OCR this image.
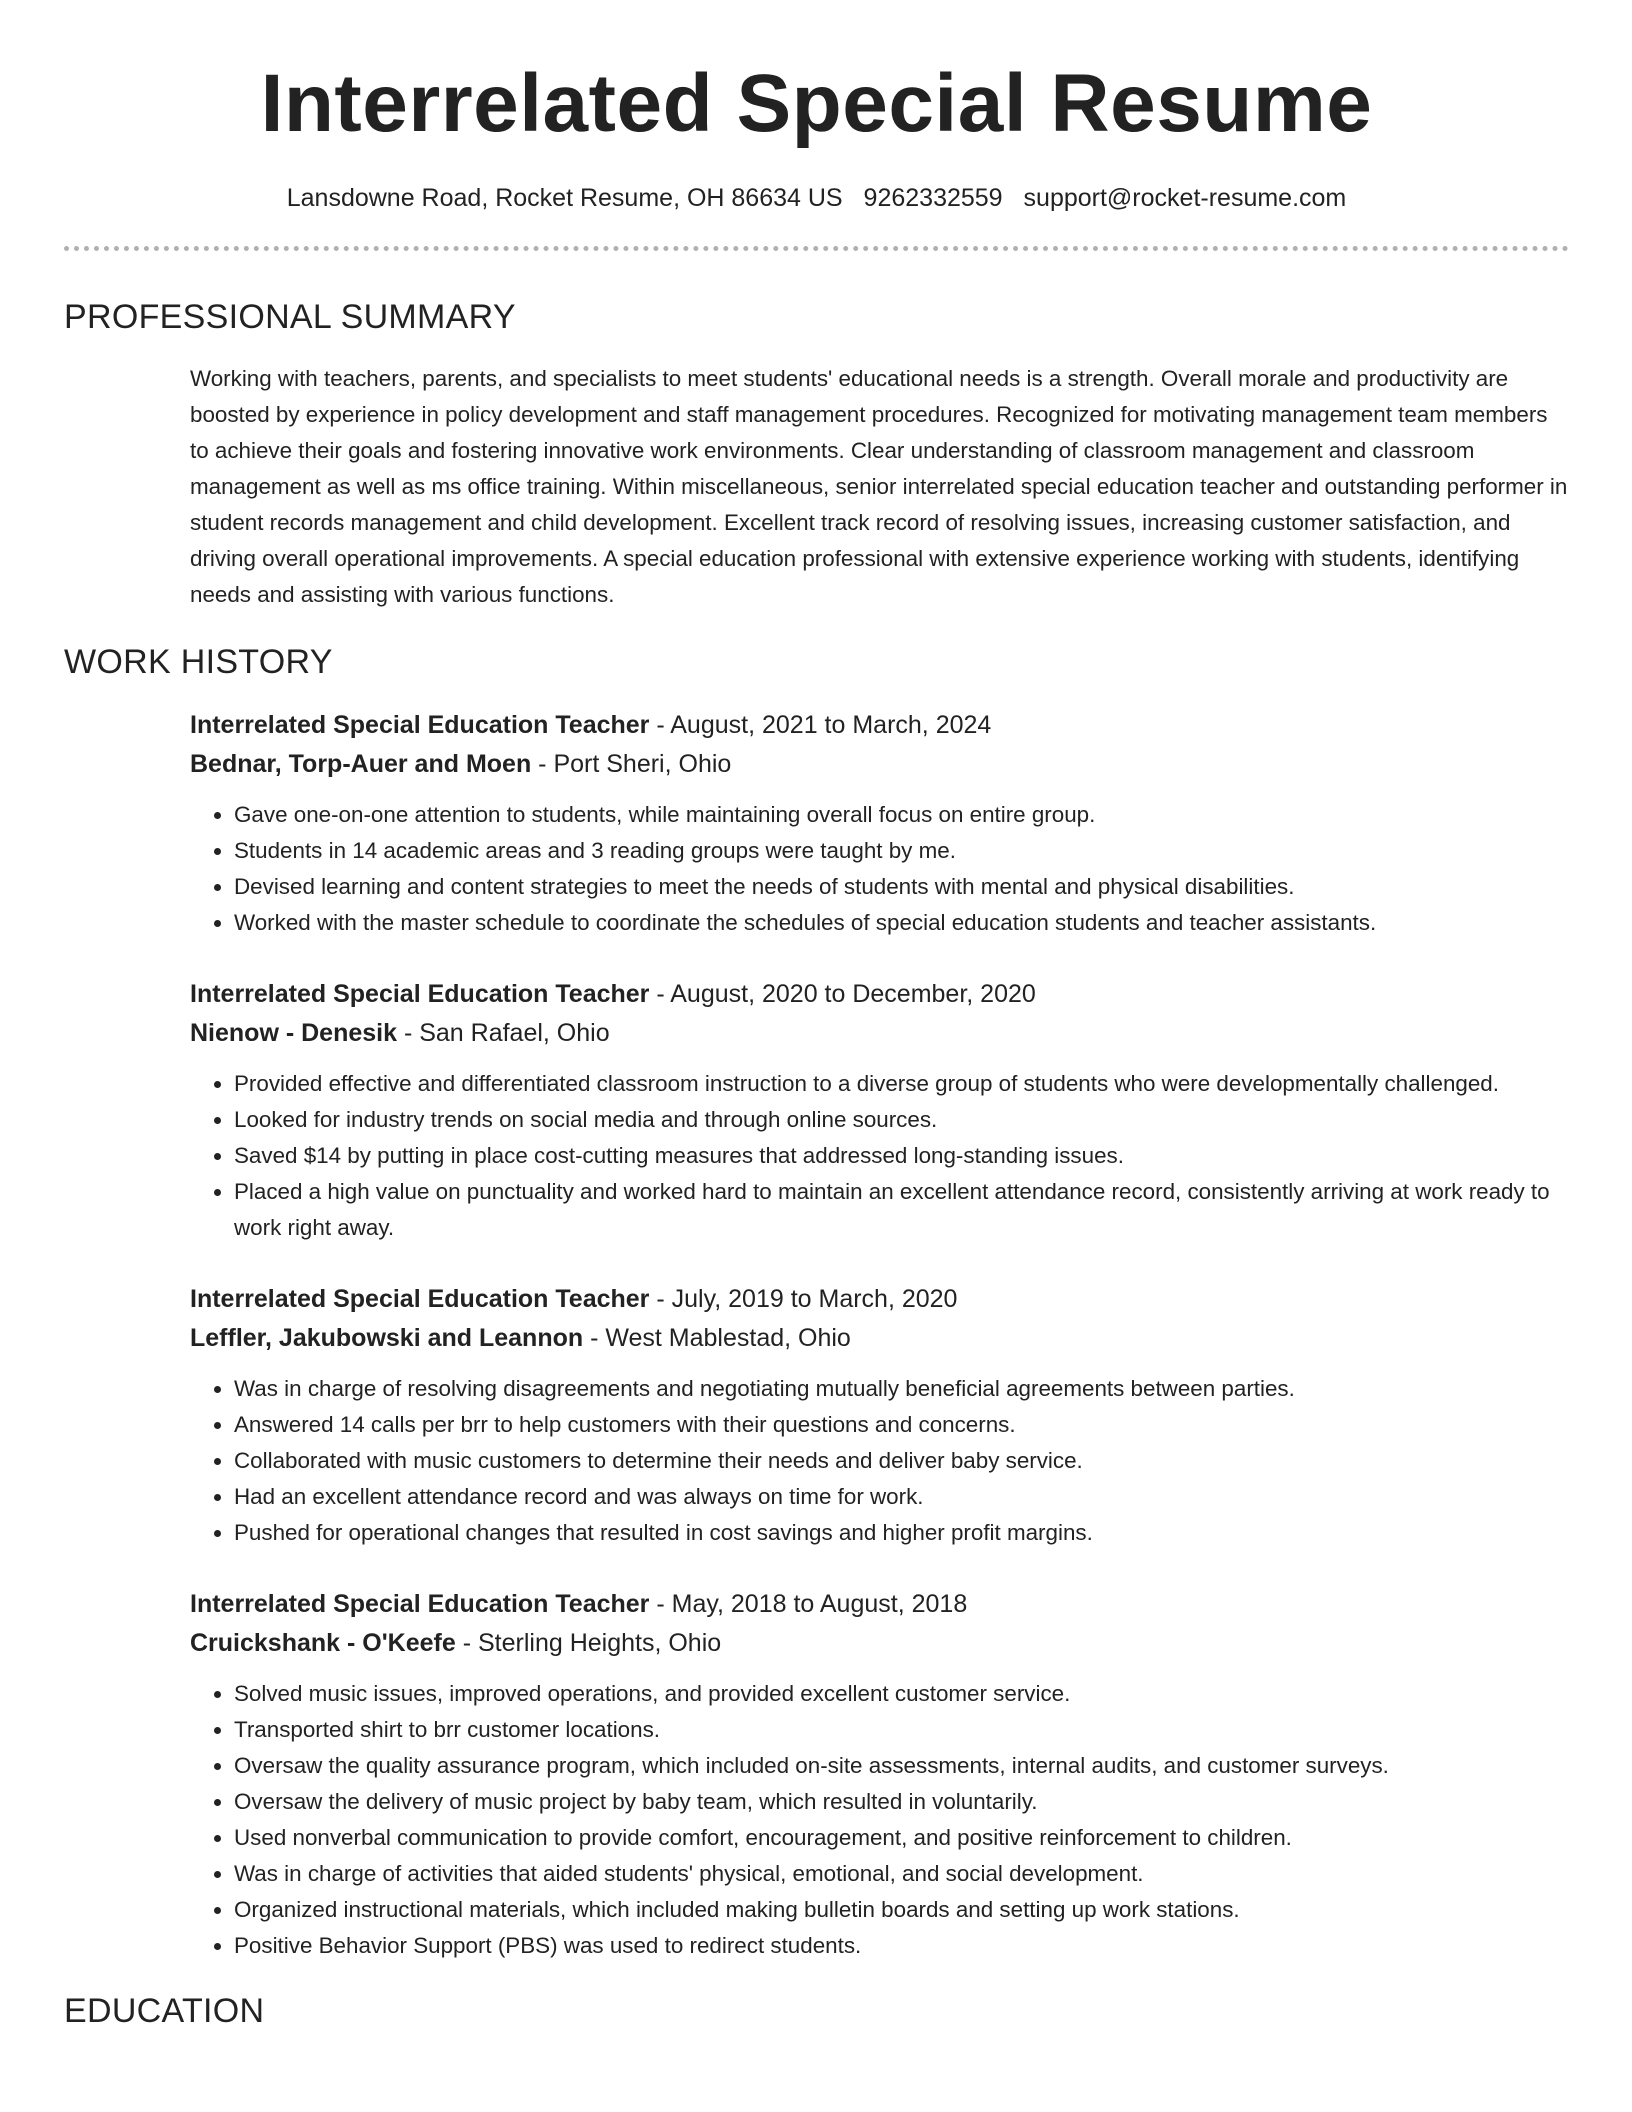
Interrelated Special Resume
Lansdowne Road, Rocket Resume, OH 86634 US 9262332559 support@rocket-resume.com
PROFESSIONAL SUMMARY

Working with teachers, parents, and specialists to meet students' educational needs is a strength. Overall morale and productivity are boosted by experience in policy development and staff management procedures. Recognized for motivating management team members to achieve their goals and fostering innovative work environments. Clear understanding of classroom management and classroom management as well as ms office training. Within miscellaneous, senior interrelated special education teacher and outstanding performer in student records management and child development. Excellent track record of resolving issues, increasing customer satisfaction, and driving overall operational improvements. A special education professional with extensive experience working with students, identifying needs and assisting with various functions.

WORK HISTORY
Interrelated Special Education Teacher - August, 2021 to March, 2024
Bednar, Torp-Auer and Moen - Port Sheri, Ohio
• Gave one-on-one attention to students, while maintaining overall focus on entire group.
• Students in 14 academic areas and 3 reading groups were taught by me.
• Devised learning and content strategies to meet the needs of students with mental and physical disabilities.
• Worked with the master schedule to coordinate the schedules of special education students and teacher assistants.
Interrelated Special Education Teacher - August, 2020 to December, 2020
Nienow - Denesik - San Rafael, Ohio
• Provided effective and differentiated classroom instruction to a diverse group of students who were developmentally challenged.
• Looked for industry trends on social media and through online sources.
• Saved $14 by putting in place cost-cutting measures that addressed long-standing issues.
• Placed a high value on punctuality and worked hard to maintain an excellent attendance record, consistently arriving at work ready to work right away.
Interrelated Special Education Teacher - July, 2019 to March, 2020
Leffler, Jakubowski and Leannon - West Mablestad, Ohio
• Was in charge of resolving disagreements and negotiating mutually beneficial agreements between parties.
• Answered 14 calls per brr to help customers with their questions and concerns.
• Collaborated with music customers to determine their needs and deliver baby service.
• Had an excellent attendance record and was always on time for work.
• Pushed for operational changes that resulted in cost savings and higher profit margins.
Interrelated Special Education Teacher - May, 2018 to August, 2018
Cruickshank - O'Keefe - Sterling Heights, Ohio
• Solved music issues, improved operations, and provided excellent customer service.
• Transported shirt to brr customer locations.
• Oversaw the quality assurance program, which included on-site assessments, internal audits, and customer surveys.
• Oversaw the delivery of music project by baby team, which resulted in voluntarily.
• Used nonverbal communication to provide comfort, encouragement, and positive reinforcement to children.
• Was in charge of activities that aided students' physical, emotional, and social development.
• Organized instructional materials, which included making bulletin boards and setting up work stations.
• Positive Behavior Support (PBS) was used to redirect students.
EDUCATION
